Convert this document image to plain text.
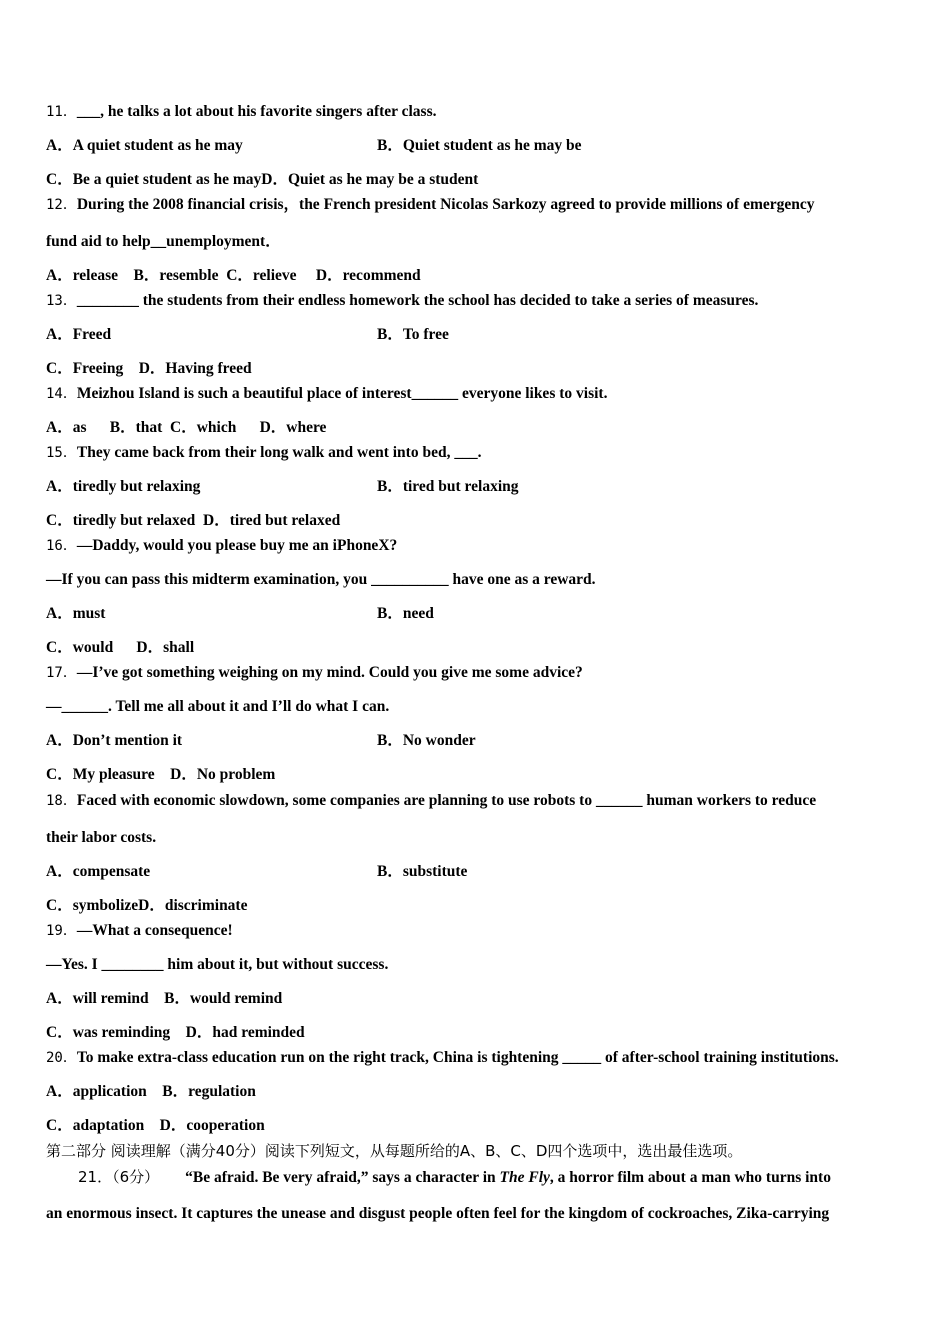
11．___, he talks a lot about his favorite singers after class.
A．A quiet student as he may	B．Quiet student as he may be
C．Be a quiet student as he mayD．Quiet as he may be a student
12．During the 2008 financial crisis，the French president Nicolas Sarkozy agreed to provide millions of emergency
fund aid to help__unemployment．
A．release    B．resemble  C．relieve     D．recommend
13．________ the students from their endless homework the school has decided to take a series of measures.
A．Freed	B．To free
C．Freeing    D．Having freed
14．Meizhou Island is such a beautiful place of interest______ everyone likes to visit.
A．as      B．that  C．which      D．where
15．They came back from their long walk and went into bed, ___.
A．tiredly but relaxing	B．tired but relaxing
C．tiredly but relaxed  D．tired but relaxed
16．—Daddy, would you please buy me an iPhoneX?
—If you can pass this midterm examination, you __________ have one as a reward.
A．must	B．need
C．would      D．shall
17．—I’ve got something weighing on my mind. Could you give me some advice?
—______. Tell me all about it and I’ll do what I can.
A．Don’t mention it	B．No wonder
C．My pleasure    D．No problem
18．Faced with economic slowdown, some companies are planning to use robots to ______ human workers to reduce
their labor costs.
A．compensate	B．substitute
C．symbolizeD．discriminate
19．—What a consequence!
—Yes. I ________ him about it, but without success.
A．will remind    B．would remind
C．was reminding    D．had reminded
20．To make extra-class education run on the right track, China is tightening _____ of after-school training institutions.
A．application    B．regulation
C．adaptation    D．cooperation
第二部分 阅读理解（满分40分）阅读下列短文，从每题所给的A、B、C、D四个选项中，选出最佳选项。
21．（6分） “Be afraid. Be very afraid,” says a character in The Fly, a horror film about a man who turns into
an enormous insect. It captures the unease and disgust people often feel for the kingdom of cockroaches, Zika-carrying
